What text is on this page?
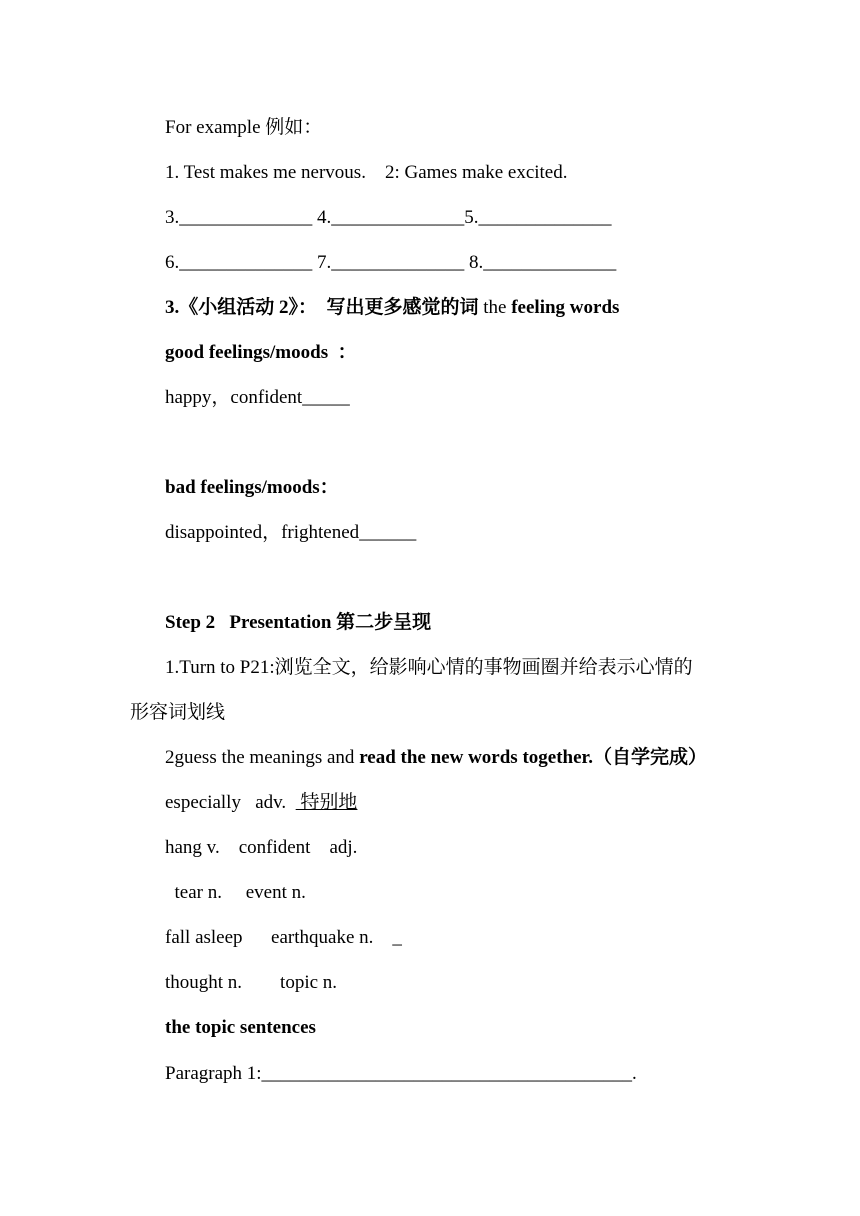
For example 例如：
1. Test makes me nervous.    2: Games make excited.
3.______________ 4.______________5.______________
6.______________ 7.______________ 8.______________
3.《小组活动 2》：  写出更多感觉的词 the feeling words
good feelings/moods  ：
happy，confident_____
bad feelings/moods：
disappointed，frightened______
Step 2   Presentation 第二步呈现
1.Turn to P21:浏览全文，给影响心情的事物画圈并给表示心情的
形容词划线
2guess the meanings and read the new words together.（自学完成）
especially   adv.   特别地
hang v.    confident    adj.
tear n.     event n.
fall asleep      earthquake n.    _
thought n.        topic n.
the topic sentences
Paragraph 1:_______________________________________.
